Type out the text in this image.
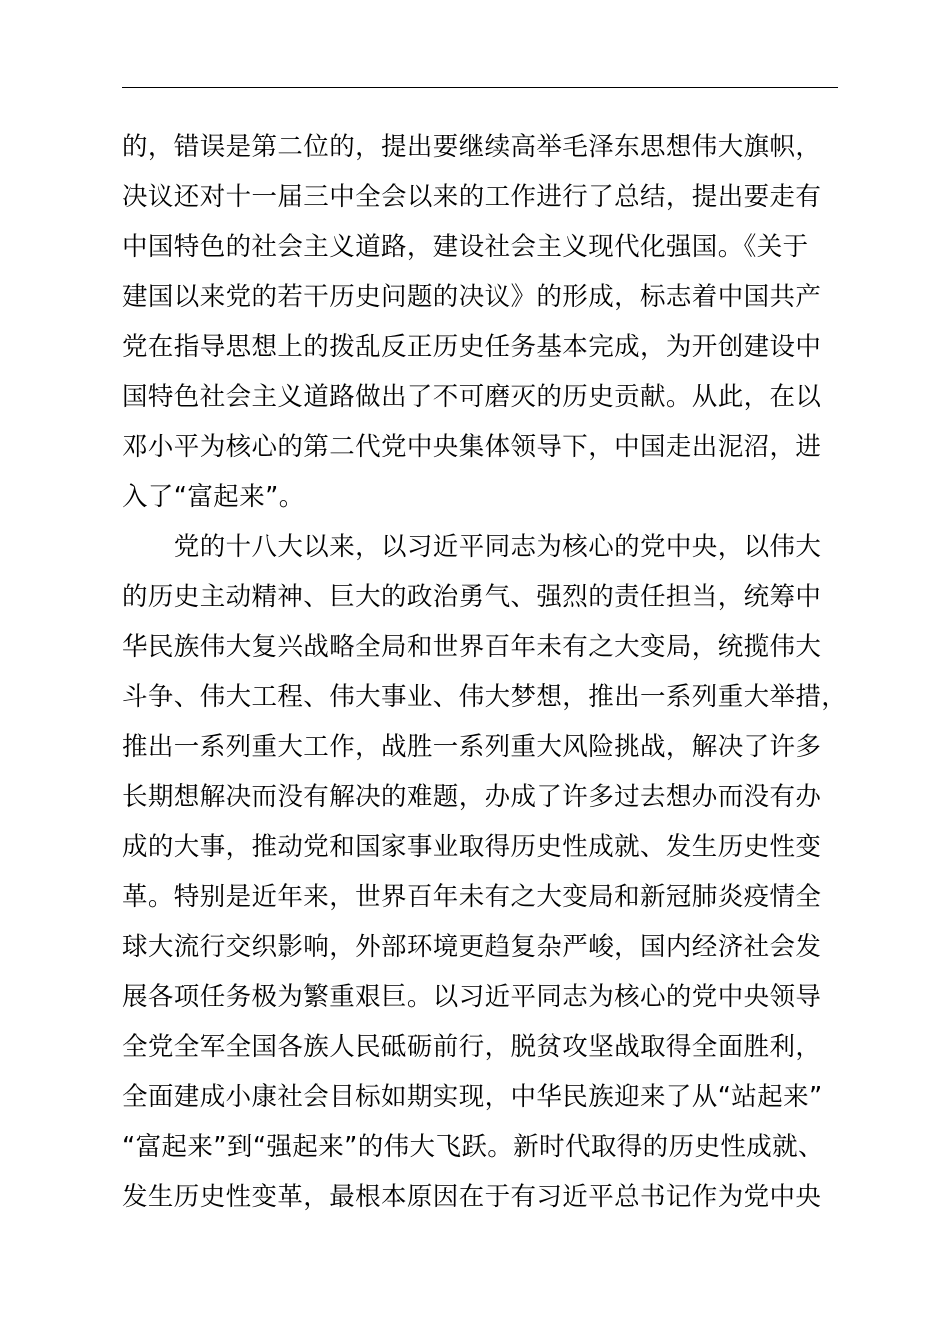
的，错误是第二位的，提出要继续高举毛泽东思想伟大旗帜，
决议还对十一届三中全会以来的工作进行了总结，提出要走有
中国特色的社会主义道路，建设社会主义现代化强国。《关于
建国以来党的若干历史问题的决议》的形成，标志着中国共产
党在指导思想上的拨乱反正历史任务基本完成，为开创建设中
国特色社会主义道路做出了不可磨灭的历史贡献。从此，在以
邓小平为核心的第二代党中央集体领导下，中国走出泥沼，进
入了“富起来”。
　　党的十八大以来，以习近平同志为核心的党中央，以伟大
的历史主动精神、巨大的政治勇气、强烈的责任担当，统筹中
华民族伟大复兴战略全局和世界百年未有之大变局，统揽伟大
斗争、伟大工程、伟大事业、伟大梦想，推出一系列重大举措，
推出一系列重大工作，战胜一系列重大风险挑战，解决了许多
长期想解决而没有解决的难题，办成了许多过去想办而没有办
成的大事，推动党和国家事业取得历史性成就、发生历史性变
革。特别是近年来，世界百年未有之大变局和新冠肺炎疫情全
球大流行交织影响，外部环境更趋复杂严峻，国内经济社会发
展各项任务极为繁重艰巨。以习近平同志为核心的党中央领导
全党全军全国各族人民砥砺前行，脱贫攻坚战取得全面胜利，
全面建成小康社会目标如期实现，中华民族迎来了从“站起来”
“富起来”到“强起来”的伟大飞跃。新时代取得的历史性成就、
发生历史性变革，最根本原因在于有习近平总书记作为党中央
